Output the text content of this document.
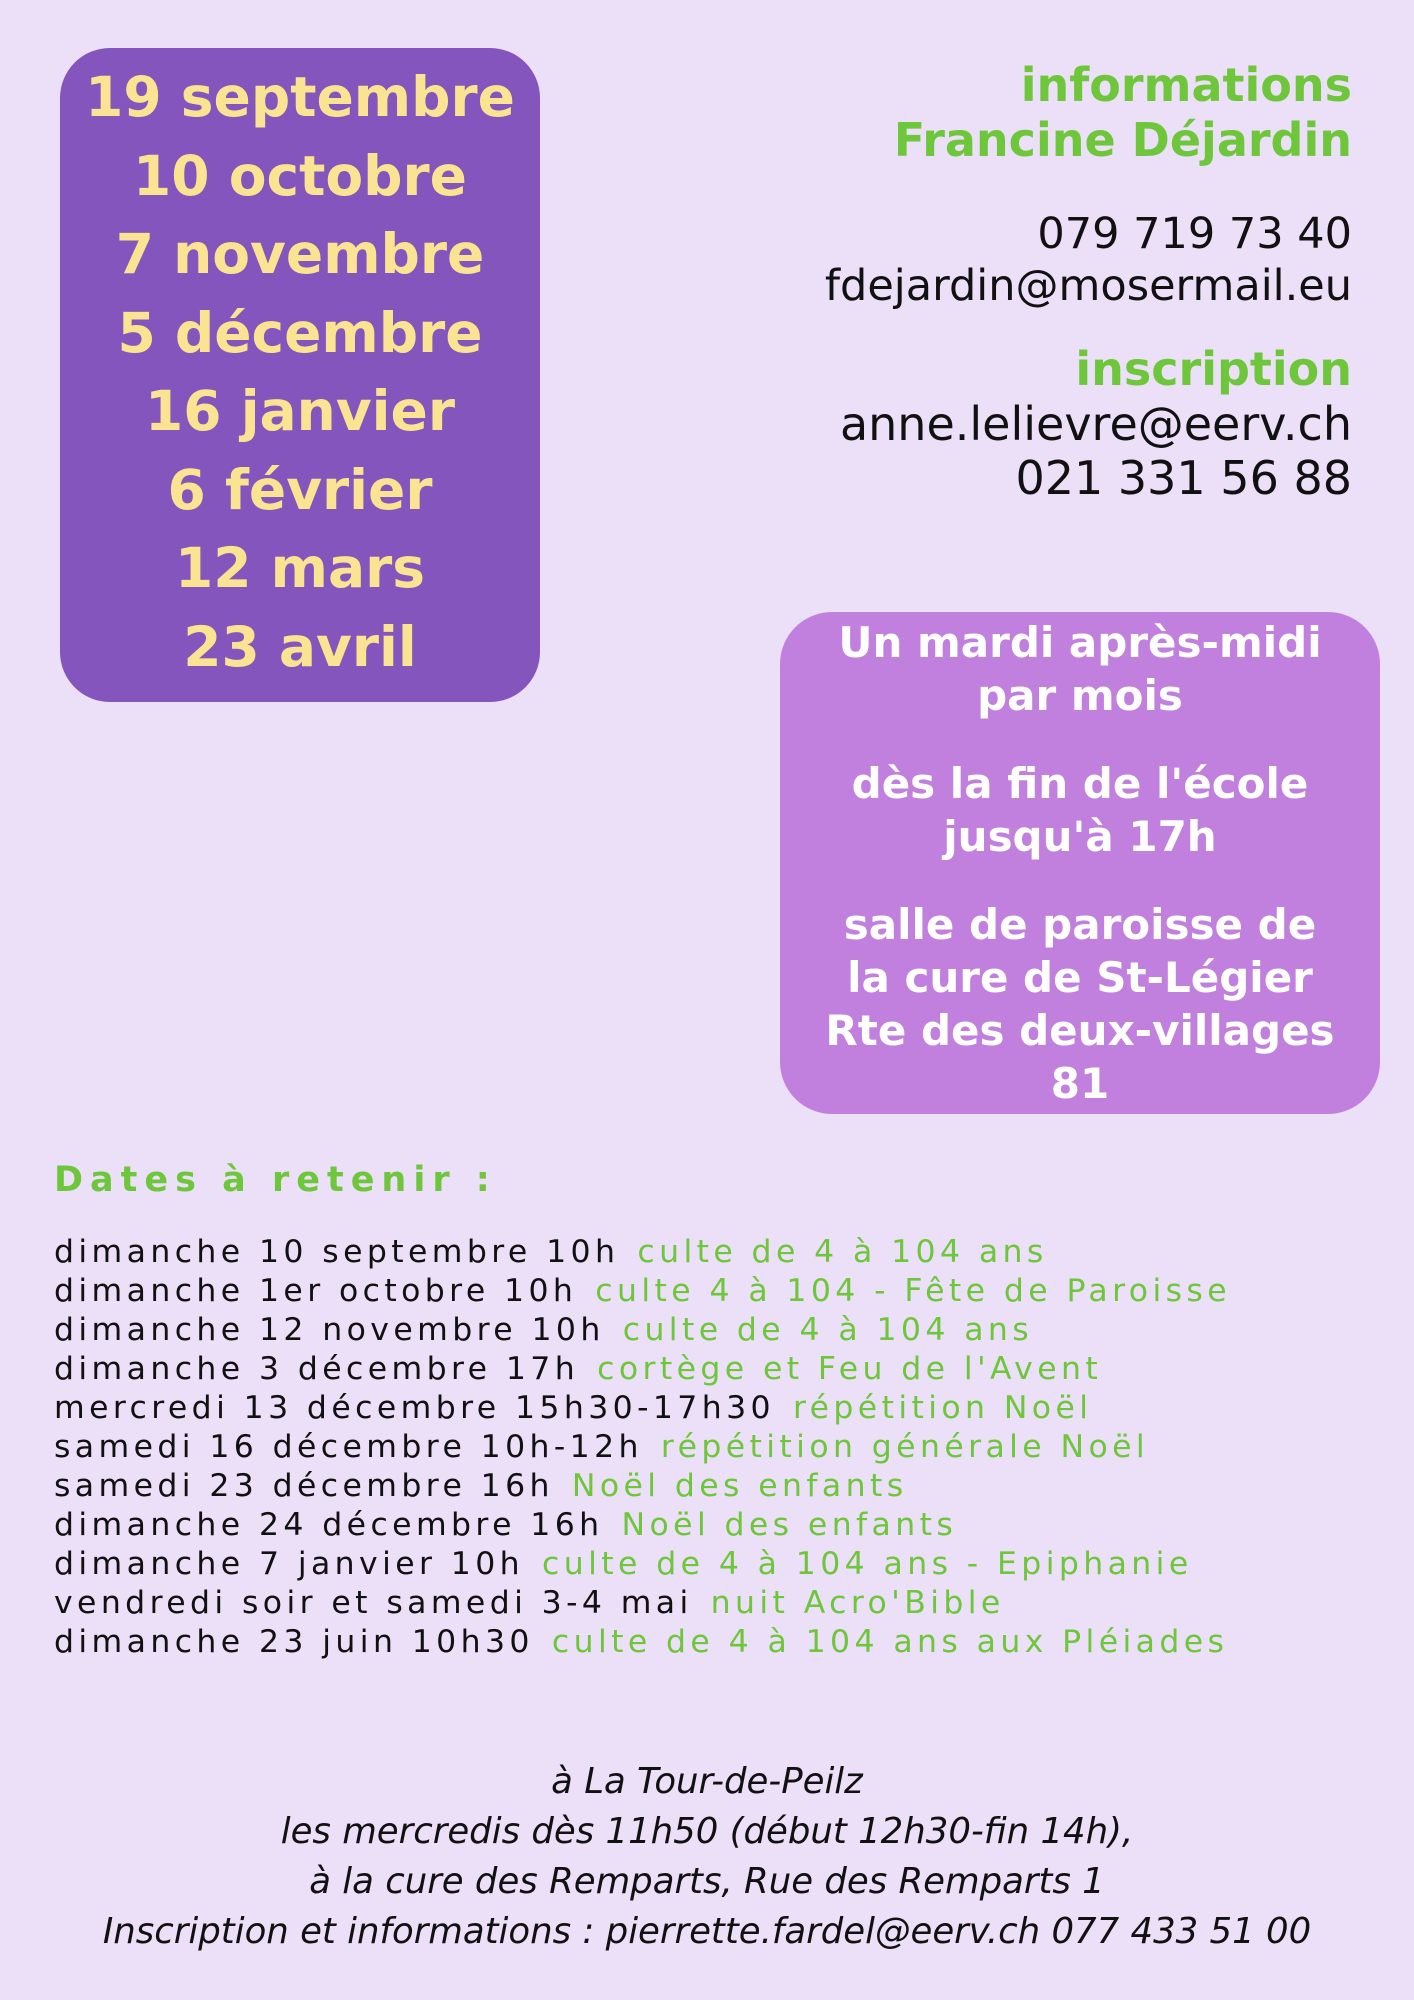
19 septembre
10 octobre
7 novembre
5 décembre
16 janvier
6 février
12 mars
23 avril
informations
Francine Déjardin
079 719 73 40
fdejardin@mosermail.eu
inscription
anne.lelievre@eerv.ch
021 331 56 88
Un mardi après-midi
par mois
dès la fin de l'école
jusqu'à 17h
salle de paroisse de
la cure de St-Légier
Rte des deux-villages 81
Dates à retenir :
dimanche 10 septembre 10h culte de 4 à 104 ans
dimanche 1er octobre 10h culte 4 à 104 - Fête de Paroisse
dimanche 12 novembre 10h culte de 4 à 104 ans
dimanche 3 décembre 17h cortège et Feu de l'Avent
mercredi 13 décembre 15h30-17h30 répétition Noël
samedi 16 décembre 10h-12h répétition générale Noël
samedi 23 décembre 16h Noël des enfants
dimanche 24 décembre 16h Noël des enfants
dimanche 7 janvier 10h culte de 4 à 104 ans - Epiphanie
vendredi soir et samedi 3-4 mai nuit Acro'Bible
dimanche 23 juin 10h30 culte de 4 à 104 ans aux Pléiades
à La Tour-de-Peilz
les mercredis dès 11h50 (début 12h30-fin 14h),
à la cure des Remparts, Rue des Remparts 1
Inscription et informations : pierrette.fardel@eerv.ch 077 433 51 00
